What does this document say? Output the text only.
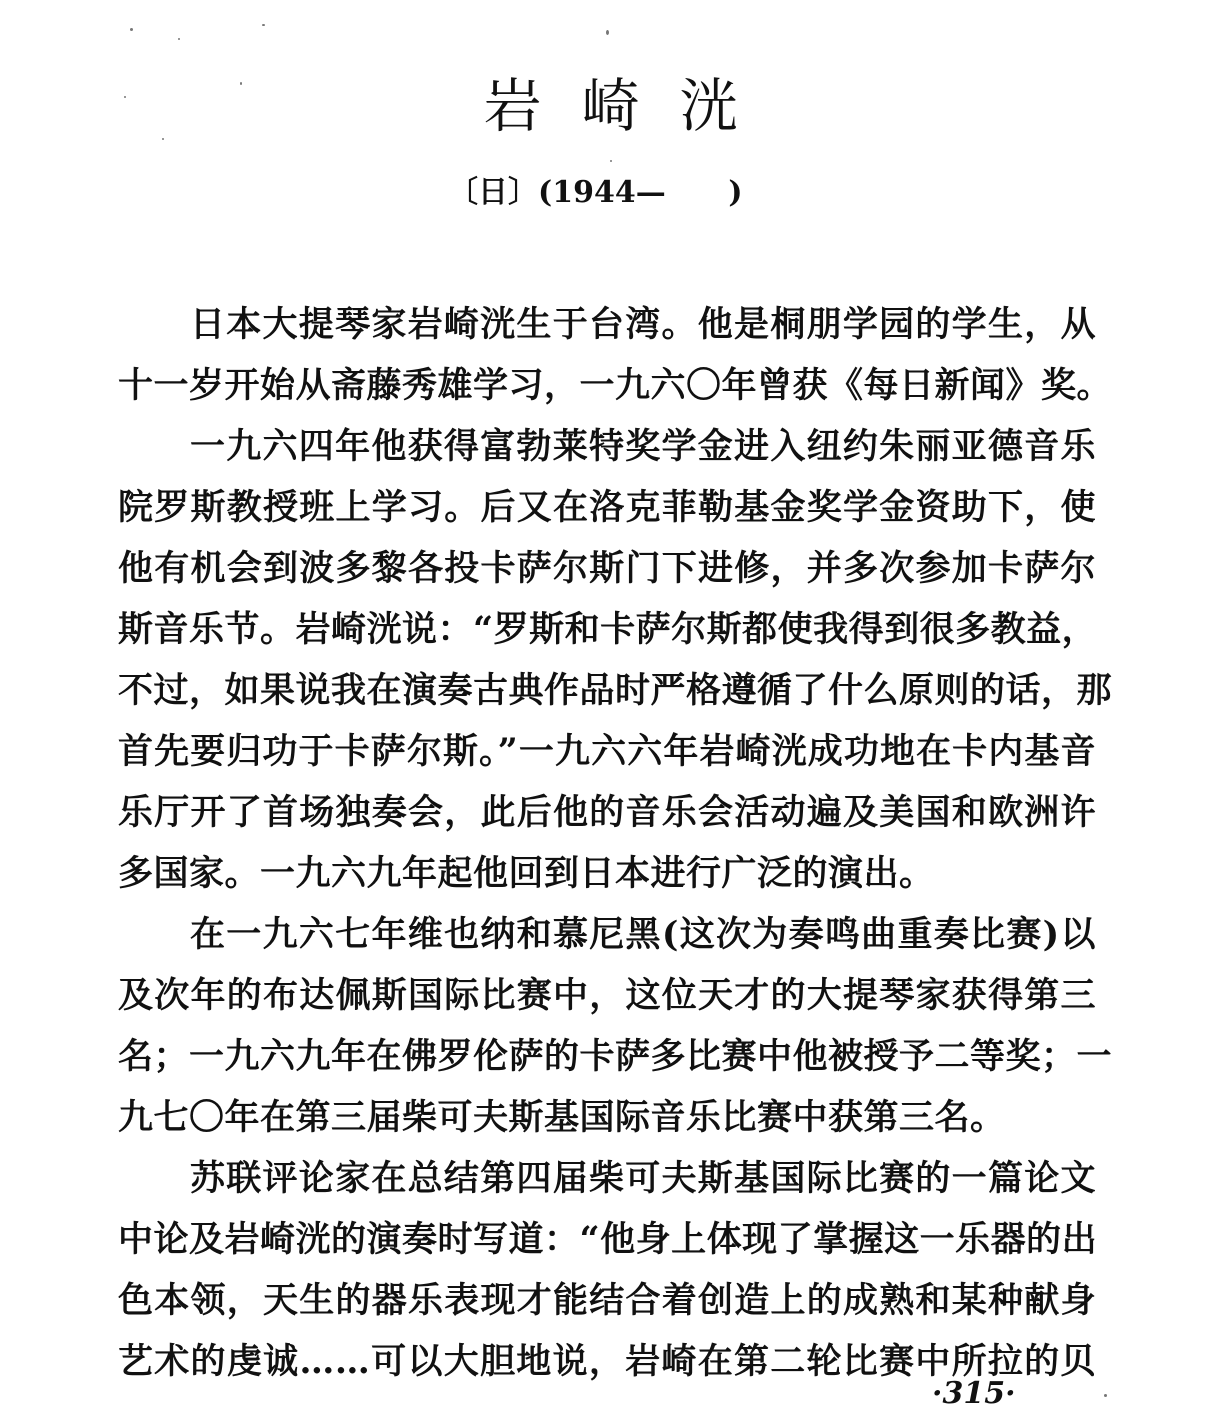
岩崎洸
〔日〕(1944—      )
日本大提琴家岩崎洸生于台湾。他是桐朋学园的学生，从
十一岁开始从斋藤秀雄学习，一九六〇年曾获《每日新闻》奖。
一九六四年他获得富勃莱特奖学金进入纽约朱丽亚德音乐
院罗斯教授班上学习。后又在洛克菲勒基金奖学金资助下，使
他有机会到波多黎各投卡萨尔斯门下进修，并多次参加卡萨尔
斯音乐节。岩崎洸说：“罗斯和卡萨尔斯都使我得到很多教益，
不过，如果说我在演奏古典作品时严格遵循了什么原则的话，那
首先要归功于卡萨尔斯。”一九六六年岩崎洸成功地在卡内基音
乐厅开了首场独奏会，此后他的音乐会活动遍及美国和欧洲许
多国家。一九六九年起他回到日本进行广泛的演出。
在一九六七年维也纳和慕尼黑(这次为奏鸣曲重奏比赛)以
及次年的布达佩斯国际比赛中，这位天才的大提琴家获得第三
名；一九六九年在佛罗伦萨的卡萨多比赛中他被授予二等奖；一
九七〇年在第三届柴可夫斯基国际音乐比赛中获第三名。
苏联评论家在总结第四届柴可夫斯基国际比赛的一篇论文
中论及岩崎洸的演奏时写道：“他身上体现了掌握这一乐器的出
色本领，天生的器乐表现才能结合着创造上的成熟和某种献身
艺术的虔诚……可以大胆地说，岩崎在第二轮比赛中所拉的贝
·315·
